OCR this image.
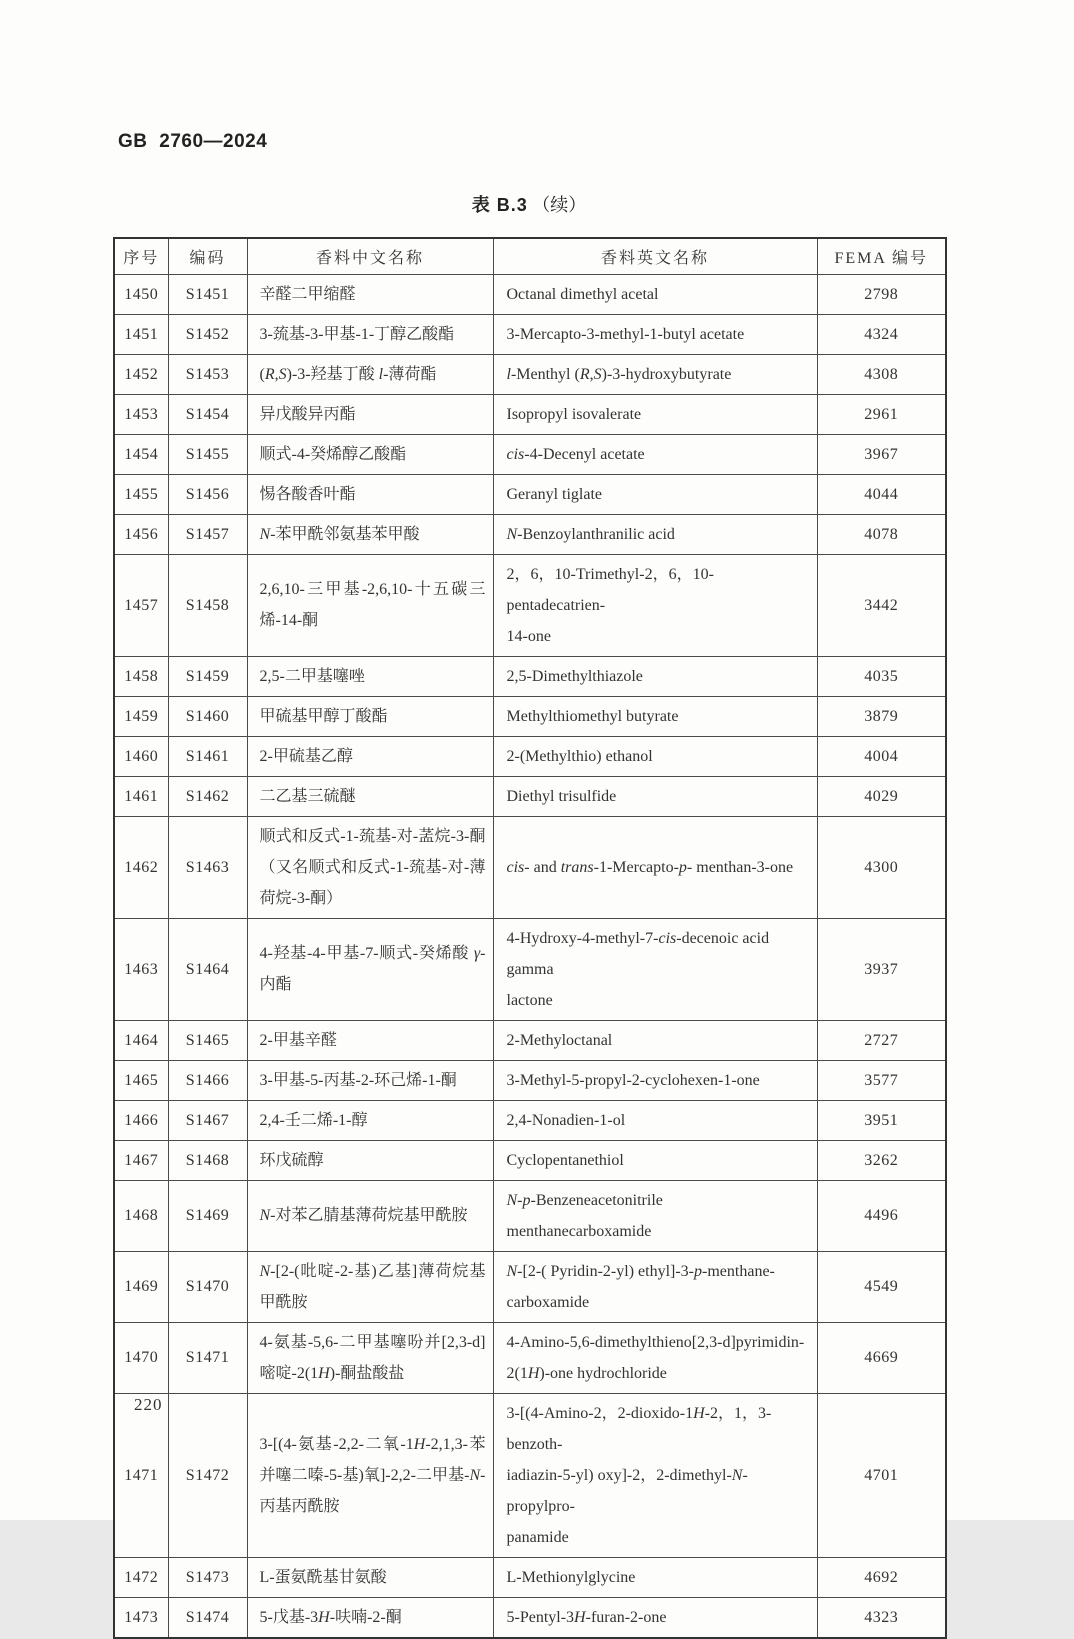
GB 2760—2024
表 B.3 （续）
序号	编码	香料中文名称	香料英文名称	FEMA 编号
1450	S1451	辛醛二甲缩醛	Octanal dimethyl acetal	2798
1451	S1452	3-巯基-3-甲基-1-丁醇乙酸酯	3-Mercapto-3-methyl-1-butyl acetate	4324
1452	S1453	(R,S)-3-羟基丁酸 l-薄荷酯	l-Menthyl (R,S)-3-hydroxybutyrate	4308
1453	S1454	异戊酸异丙酯	Isopropyl isovalerate	2961
1454	S1455	顺式-4-癸烯醇乙酸酯	cis-4-Decenyl acetate	3967
1455	S1456	惕各酸香叶酯	Geranyl tiglate	4044
1456	S1457	N-苯甲酰邻氨基苯甲酸	N-Benzoylanthranilic acid	4078
1457	S1458	2,6,10-三甲基-2,6,10-十五碳三烯-14-酮	2，6，10-Trimethyl-2，6，10-pentadecatrien-
14-one	3442
1458	S1459	2,5-二甲基噻唑	2,5-Dimethylthiazole	4035
1459	S1460	甲硫基甲醇丁酸酯	Methylthiomethyl butyrate	3879
1460	S1461	2-甲硫基乙醇	2-(Methylthio) ethanol	4004
1461	S1462	二乙基三硫醚	Diethyl trisulfide	4029
1462	S1463	顺式和反式-1-巯基-对-䓝烷-3-酮（又名顺式和反式-1-巯基-对-薄荷烷-3-酮）	cis- and trans-1-Mercapto-p- menthan-3-one	4300
1463	S1464	4-羟基-4-甲基-7-顺式-癸烯酸 γ-内酯	4-Hydroxy-4-methyl-7-cis-decenoic acid gamma
lactone	3937
1464	S1465	2-甲基辛醛	2-Methyloctanal	2727
1465	S1466	3-甲基-5-丙基-2-环己烯-1-酮	3-Methyl-5-propyl-2-cyclohexen-1-one	3577
1466	S1467	2,4-壬二烯-1-醇	2,4-Nonadien-1-ol	3951
1467	S1468	环戊硫醇	Cyclopentanethiol	3262
1468	S1469	N-对苯乙腈基薄荷烷基甲酰胺	N-p-Benzeneacetonitrile menthanecarboxamide	4496
1469	S1470	N-[2-(吡啶-2-基)乙基]薄荷烷基甲酰胺	N-[2-( Pyridin-2-yl) ethyl]-3-p-menthane-
carboxamide	4549
1470	S1471	4-氨基-5,6-二甲基噻吩并[2,3-d]嘧啶-2(1H)-酮盐酸盐	4-Amino-5,6-dimethylthieno[2,3-d]pyrimidin-
2(1H)-one hydrochloride	4669
1471	S1472	3-[(4-氨基-2,2-二氧-1H-2,1,3-苯并噻二嗪-5-基)氧]-2,2-二甲基-N-丙基丙酰胺	3-[(4-Amino-2，2-dioxido-1H-2，1，3-benzoth-
iadiazin-5-yl) oxy]-2，2-dimethyl-N-propylpro-
panamide	4701
1472	S1473	L-蛋氨酰基甘氨酸	L-Methionylglycine	4692
1473	S1474	5-戊基-3H-呋喃-2-酮	5-Pentyl-3H-furan-2-one	4323
220
